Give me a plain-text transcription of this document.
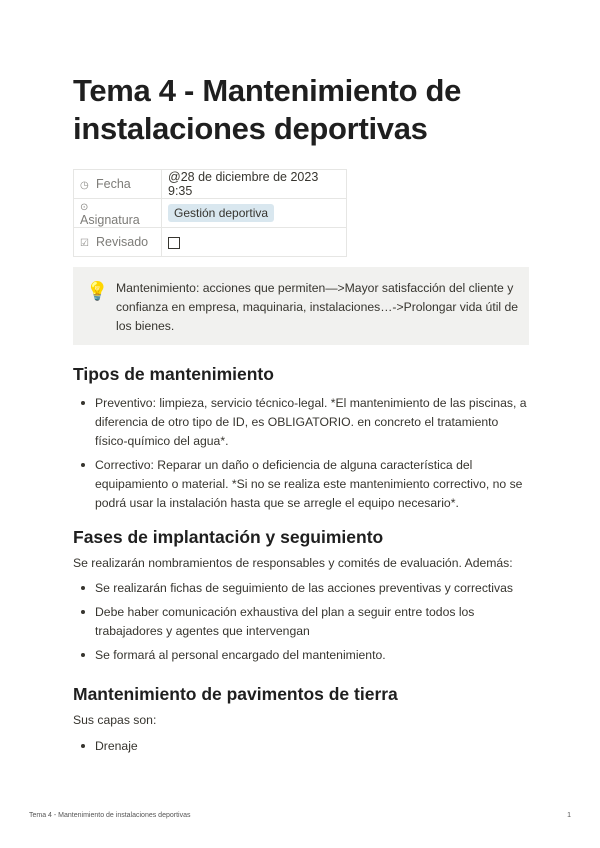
Tema 4 - Mantenimiento de instalaciones deportivas
◷ Fecha	@28 de diciembre de 2023 9:35
⊙Asignatura	Gestión deportiva
☑ Revisado	
💡 Mantenimiento: acciones que permiten—>Mayor satisfacción del cliente y confianza en empresa, maquinaria, instalaciones…->Prolongar vida útil de los bienes.
Tipos de mantenimiento
Preventivo: limpieza, servicio técnico-legal. *El mantenimiento de las piscinas, a diferencia de otro tipo de ID, es OBLIGATORIO. en concreto el tratamiento físico-químico del agua*.
Correctivo: Reparar un daño o deficiencia de alguna característica del equipamiento o material. *Si no se realiza este mantenimiento correctivo, no se podrá usar la instalación hasta que se arregle el equipo necesario*.
Fases de implantación y seguimiento

Se realizarán nombramientos de responsables y comités de evaluación. Además:

Se realizarán fichas de seguimiento de las acciones preventivas y correctivas
Debe haber comunicación exhaustiva del plan a seguir entre todos los trabajadores y agentes que intervengan
Se formará al personal encargado del mantenimiento.
Mantenimiento de pavimentos de tierra

Sus capas son:

Drenaje
Tema 4 - Mantenimiento de instalaciones deportivas	1
